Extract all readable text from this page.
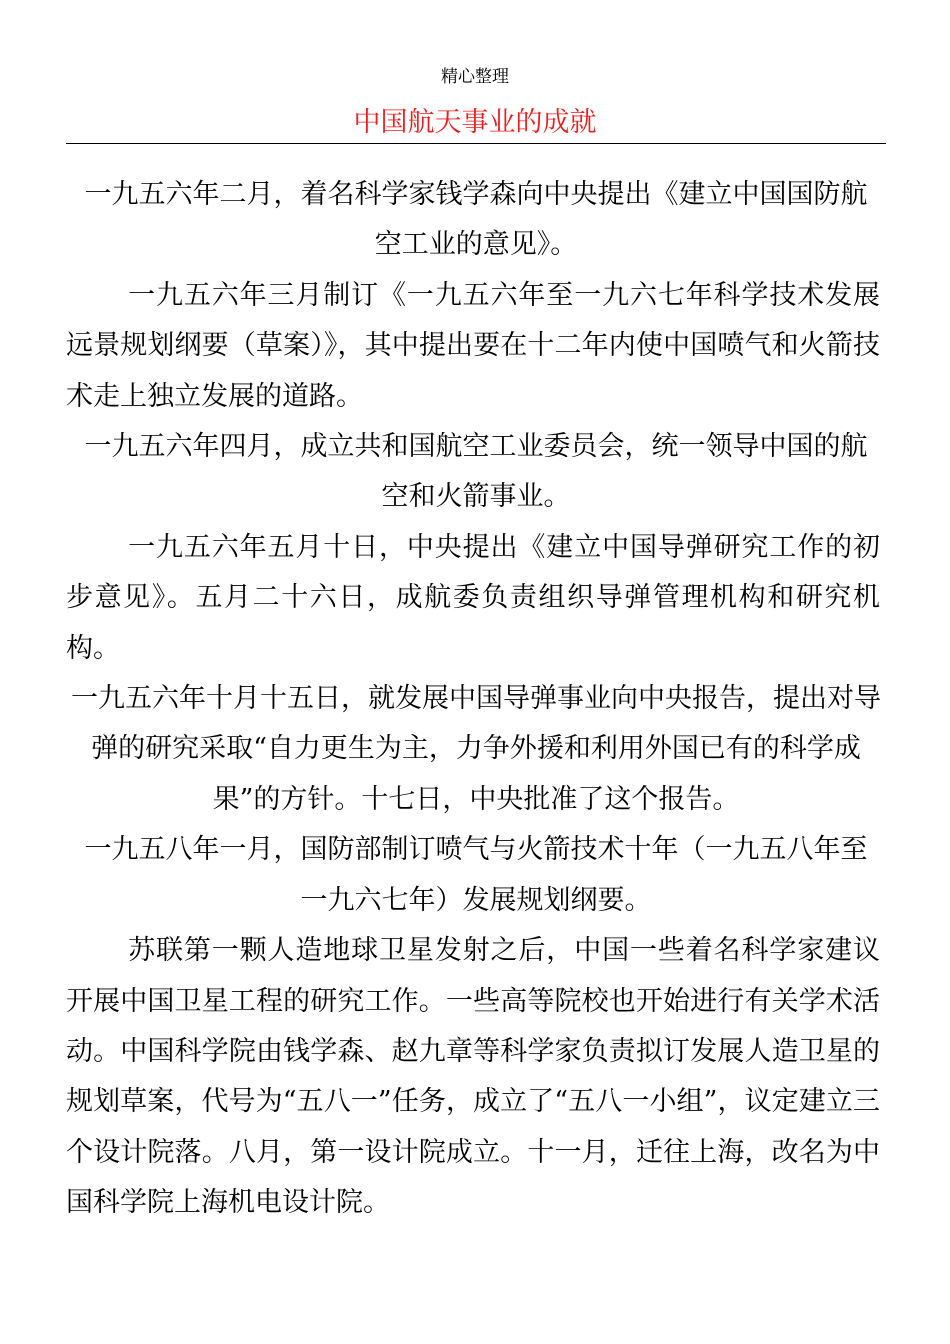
精心整理
中国航天事业的成就

一九五六年二月，着名科学家钱学森向中央提出《建立中国国防航空工业的意见》。

一九五六年三月制订《一九五六年至一九六七年科学技术发展远景规划纲要（草案）》，其中提出要在十二年内使中国喷气和火箭技术走上独立发展的道路。

一九五六年四月，成立共和国航空工业委员会，统一领导中国的航空和火箭事业。

一九五六年五月十日，中央提出《建立中国导弹研究工作的初步意见》。五月二十六日，成航委负责组织导弹管理机构和研究机构。

一九五六年十月十五日，就发展中国导弹事业向中央报告，提出对导弹的研究采取“自力更生为主，力争外援和利用外国已有的科学成果”的方针。十七日，中央批准了这个报告。

一九五八年一月，国防部制订喷气与火箭技术十年（一九五八年至一九六七年）发展规划纲要。

苏联第一颗人造地球卫星发射之后，中国一些着名科学家建议开展中国卫星工程的研究工作。一些高等院校也开始进行有关学术活动。中国科学院由钱学森、赵九章等科学家负责拟订发展人造卫星的规划草案，代号为“五八一”任务，成立了“五八一小组”，议定建立三个设计院落。八月，第一设计院成立。十一月，迁往上海，改名为中国科学院上海机电设计院。
